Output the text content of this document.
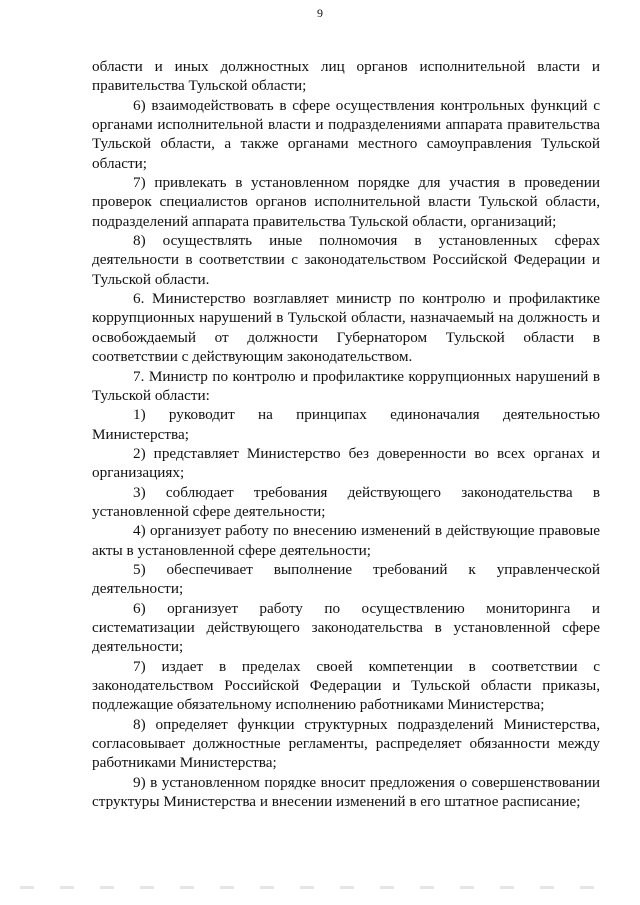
9

области и иных должностных лиц органов исполнительной власти и правительства Тульской области;

6) взаимодействовать в сфере осуществления контрольных функций с органами исполнительной власти и подразделениями аппарата правительства Тульской области, а также органами местного самоуправления Тульской области;

7) привлекать в установленном порядке для участия в проведении проверок специалистов органов исполнительной власти Тульской области, подразделений аппарата правительства Тульской области, организаций;

8) осуществлять иные полномочия в установленных сферах деятельности в соответствии с законодательством Российской Федерации и Тульской области.

6. Министерство возглавляет министр по контролю и профилактике коррупционных нарушений в Тульской области, назначаемый на должность и освобождаемый от должности Губернатором Тульской области в соответствии с действующим законодательством.

7. Министр по контролю и профилактике коррупционных нарушений в Тульской области:

1) руководит на принципах единоначалия деятельностью Министерства;

2) представляет Министерство без доверенности во всех органах и организациях;

3) соблюдает требования действующего законодательства в установленной сфере деятельности;

4) организует работу по внесению изменений в действующие правовые акты в установленной сфере деятельности;

5) обеспечивает выполнение требований к управленческой деятельности;

6) организует работу по осуществлению мониторинга и систематизации действующего законодательства в установленной сфере деятельности;

7) издает в пределах своей компетенции в соответствии с законодательством Российской Федерации и Тульской области приказы, подлежащие обязательному исполнению работниками Министерства;

8) определяет функции структурных подразделений Министерства, согласовывает должностные регламенты, распределяет обязанности между работниками Министерства;

9) в установленном порядке вносит предложения о совершенствовании структуры Министерства и внесении изменений в его штатное расписание;
